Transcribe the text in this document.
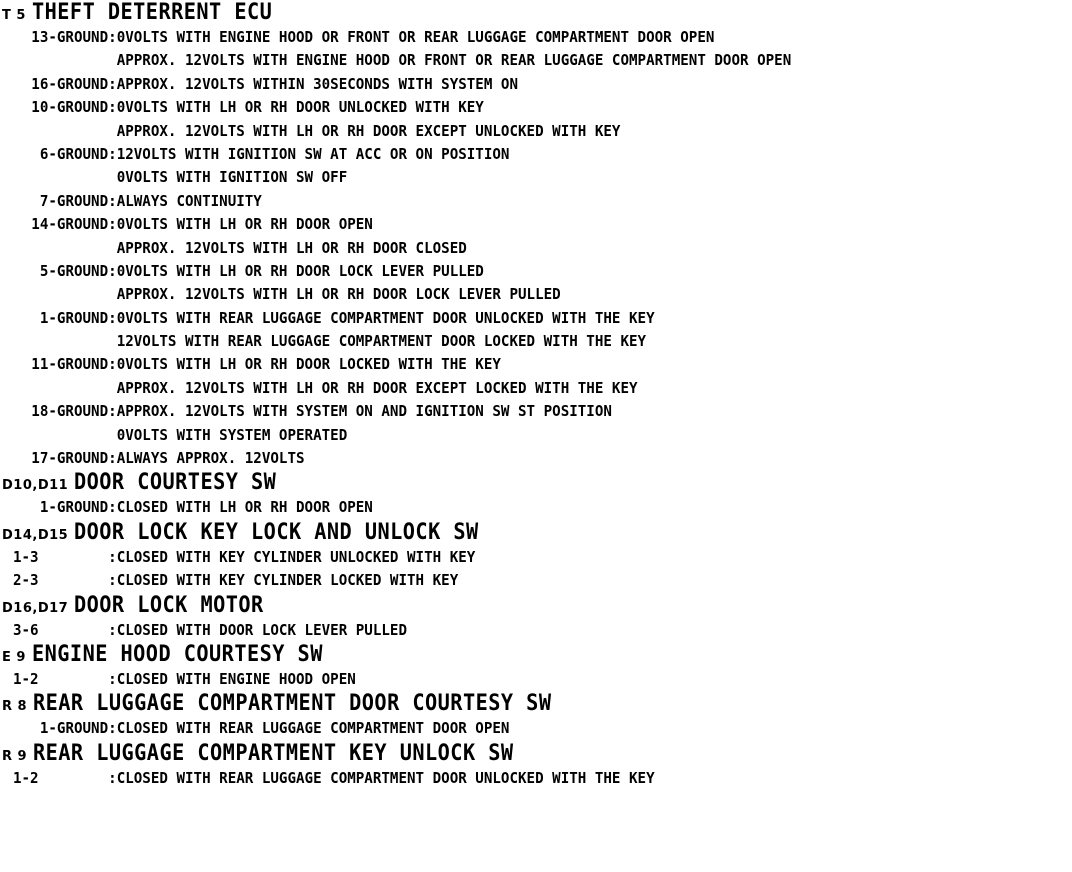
T 5 THEFT DETERRENT ECU
13-GROUND : 0VOLTS WITH ENGINE HOOD OR FRONT OR REAR LUGGAGE COMPARTMENT DOOR OPEN

APPROX. 12VOLTS WITH ENGINE HOOD OR FRONT OR REAR LUGGAGE COMPARTMENT DOOR OPEN
16-GROUND : APPROX. 12VOLTS WITHIN 30SECONDS WITH SYSTEM ON
10-GROUND : 0VOLTS WITH LH OR RH DOOR UNLOCKED WITH KEY

APPROX. 12VOLTS WITH LH OR RH DOOR EXCEPT UNLOCKED WITH KEY
6-GROUND : 12VOLTS WITH IGNITION SW AT ACC OR ON POSITION

0VOLTS WITH IGNITION SW OFF
7-GROUND : ALWAYS CONTINUITY
14-GROUND : 0VOLTS WITH LH OR RH DOOR OPEN

APPROX. 12VOLTS WITH LH OR RH DOOR CLOSED
5-GROUND : 0VOLTS WITH LH OR RH DOOR LOCK LEVER PULLED

APPROX. 12VOLTS WITH LH OR RH DOOR LOCK LEVER PULLED
1-GROUND : 0VOLTS WITH REAR LUGGAGE COMPARTMENT DOOR UNLOCKED WITH THE KEY

12VOLTS WITH REAR LUGGAGE COMPARTMENT DOOR LOCKED WITH THE KEY
11-GROUND : 0VOLTS WITH LH OR RH DOOR LOCKED WITH THE KEY

APPROX. 12VOLTS WITH LH OR RH DOOR EXCEPT LOCKED WITH THE KEY
18-GROUND : APPROX. 12VOLTS WITH SYSTEM ON AND IGNITION SW ST POSITION

0VOLTS WITH SYSTEM OPERATED
17-GROUND : ALWAYS APPROX. 12VOLTS
D10,D11 DOOR COURTESY SW
1-GROUND : CLOSED WITH LH OR RH DOOR OPEN
D14,D15 DOOR LOCK KEY LOCK AND UNLOCK SW
1-3	: CLOSED WITH KEY CYLINDER UNLOCKED WITH KEY
2-3	: CLOSED WITH KEY CYLINDER LOCKED WITH KEY
D16,D17 DOOR LOCK MOTOR
3-6	: CLOSED WITH DOOR LOCK LEVER PULLED
E 9 ENGINE HOOD COURTESY SW
1-2	: CLOSED WITH ENGINE HOOD OPEN
R 8 REAR LUGGAGE COMPARTMENT DOOR COURTESY SW
1-GROUND : CLOSED WITH REAR LUGGAGE COMPARTMENT DOOR OPEN
R 9 REAR LUGGAGE COMPARTMENT KEY UNLOCK SW
1-2	: CLOSED WITH REAR LUGGAGE COMPARTMENT DOOR UNLOCKED WITH THE KEY
